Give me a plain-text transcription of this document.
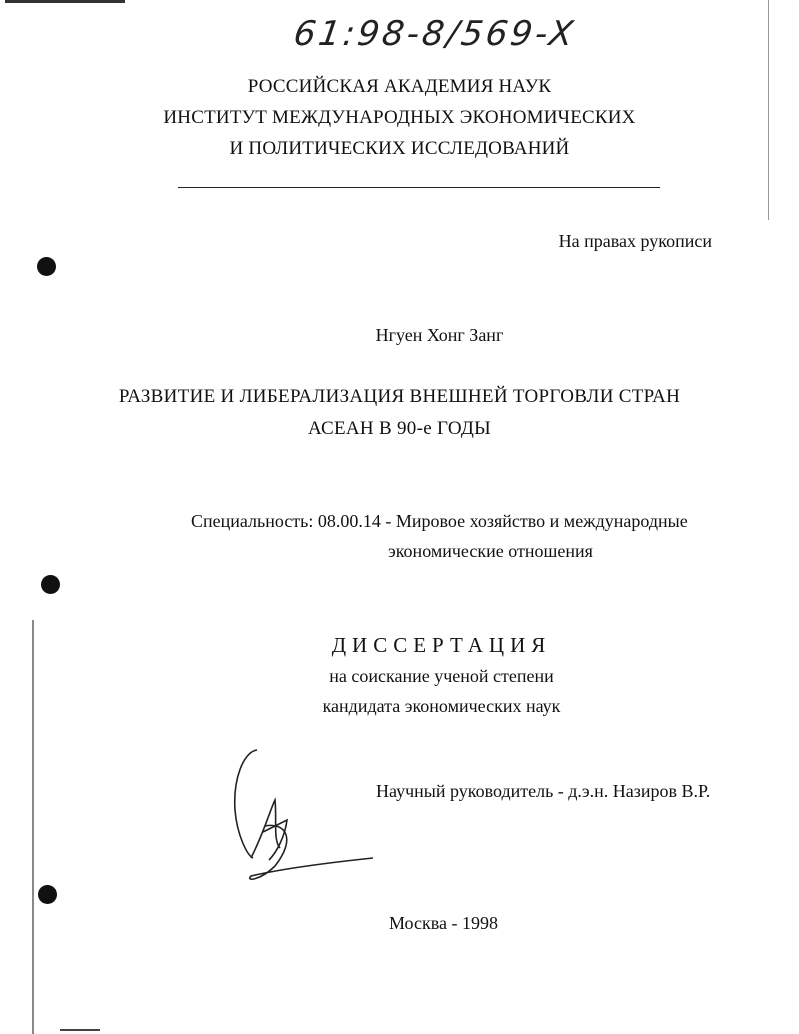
61:98-8/569-X
РОССИЙСКАЯ АКАДЕМИЯ НАУК
ИНСТИТУТ МЕЖДУНАРОДНЫХ ЭКОНОМИЧЕСКИХ
И ПОЛИТИЧЕСКИХ ИССЛЕДОВАНИЙ
На правах рукописи
Нгуен Хонг Занг
РАЗВИТИЕ И ЛИБЕРАЛИЗАЦИЯ ВНЕШНЕЙ ТОРГОВЛИ СТРАН
АСЕАН В 90-е ГОДЫ
Специальность: 08.00.14 - Мировое хозяйство и международные
экономические отношения
ДИССЕРТАЦИЯ
на соискание ученой степени
кандидата экономических наук
Научный руководитель - д.э.н. Назиров В.Р.
Москва - 1998
